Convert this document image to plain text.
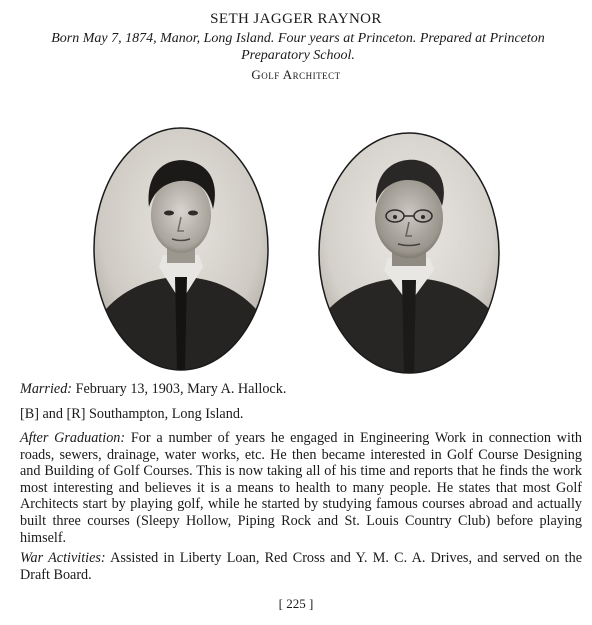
SETH JAGGER RAYNOR
Born May 7, 1874, Manor, Long Island. Four years at Princeton. Prepared at Princeton Preparatory School.
Golf Architect
Married: February 13, 1903, Mary A. Hallock.
[B] and [R] Southampton, Long Island.
After Graduation: For a number of years he engaged in Engineering Work in connection with roads, sewers, drainage, water works, etc. He then became interested in Golf Course Designing and Building of Golf Courses. This is now taking all of his time and reports that he finds the work most interesting and believes it is a means to health to many people. He states that most Golf Architects start by playing golf, while he started by studying famous courses abroad and actually built three courses (Sleepy Hollow, Piping Rock and St. Louis Country Club) before playing himself.
War Activities: Assisted in Liberty Loan, Red Cross and Y. M. C. A. Drives, and served on the Draft Board.
[ 225 ]
